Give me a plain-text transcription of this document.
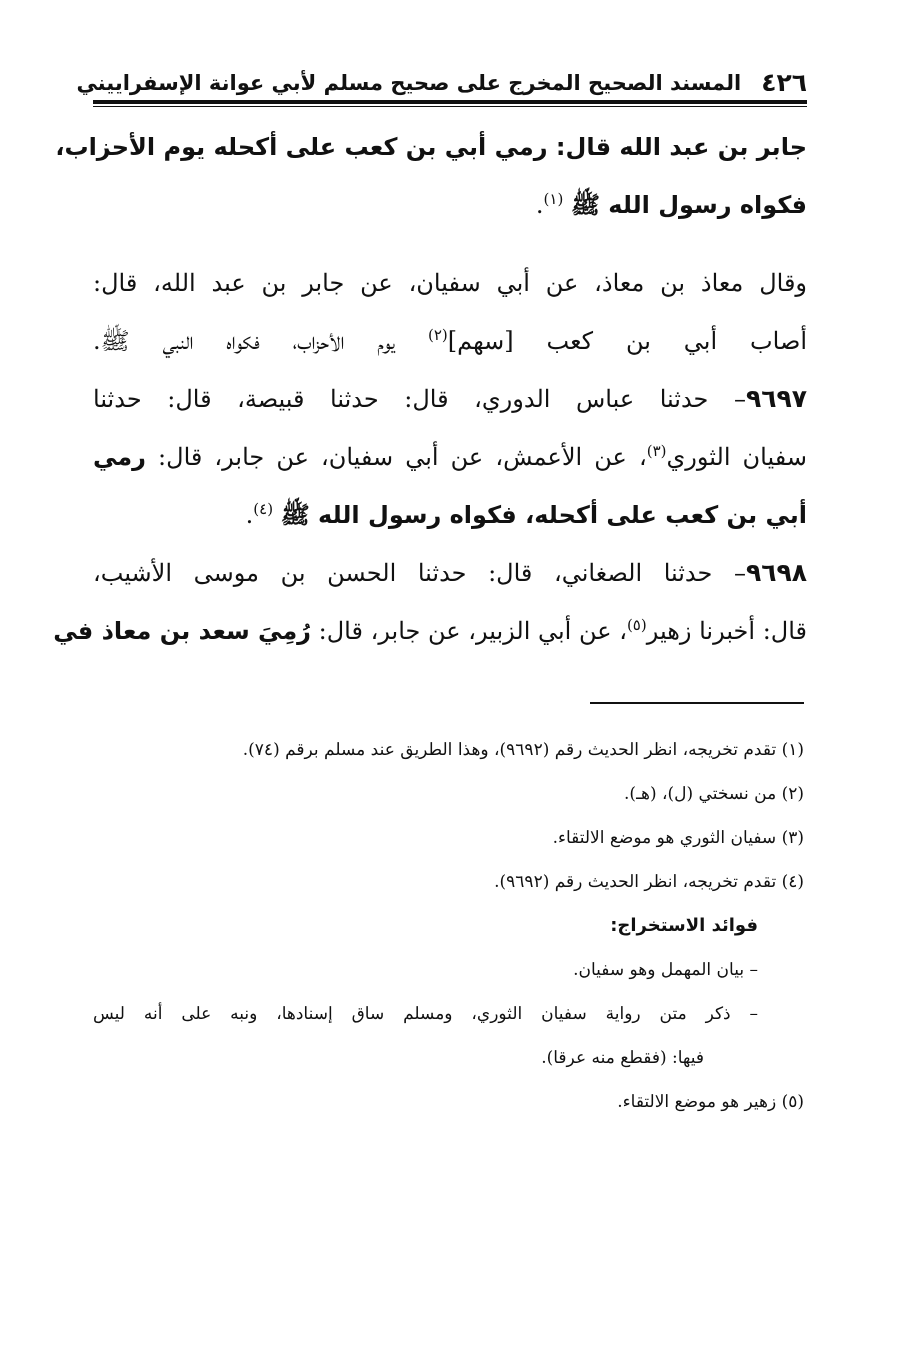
٤٢٦
المسند الصحيح المخرج على صحيح مسلم لأبي عوانة الإسفراييني
جابر بن عبد الله قال: رمي أبي بن كعب على أكحله يوم الأحزاب،
فكواه رسول الله ﷺ $^{(١)}$.
وقال معاذ بن معاذ، عن أبي سفيان، عن جابر بن عبد الله، قال:
أصاب أبي بن كعب [سهم]$^{(٢)}$ يوم الأحزاب، فكواه النبي ﷺ.
٩٦٩٧– حدثنا عباس الدوري، قال: حدثنا قبيصة، قال: حدثنا
سفيان الثوري$^{(٣)}$، عن الأعمش، عن أبي سفيان، عن جابر، قال: رمي
أبي بن كعب على أكحله، فكواه رسول الله ﷺ $^{(٤)}$.
٩٦٩٨– حدثنا الصغاني، قال: حدثنا الحسن بن موسى الأشيب،
قال: أخبرنا زهير$^{(٥)}$، عن أبي الزبير، عن جابر، قال: رُمِيَ سعد بن معاذ في
(١) تقدم تخريجه، انظر الحديث رقم (٩٦٩٢)، وهذا الطريق عند مسلم برقم (٧٤).
(٢) من نسختي (ل)، (هـ).
(٣) سفيان الثوري هو موضع الالتقاء.
(٤) تقدم تخريجه، انظر الحديث رقم (٩٦٩٢).
فوائد الاستخراج:
– بيان المهمل وهو سفيان.
– ذكر متن رواية سفيان الثوري، ومسلم ساق إسنادها، ونبه على أنه ليس
فيها: (فقطع منه عرقا).
(٥) زهير هو موضع الالتقاء.
